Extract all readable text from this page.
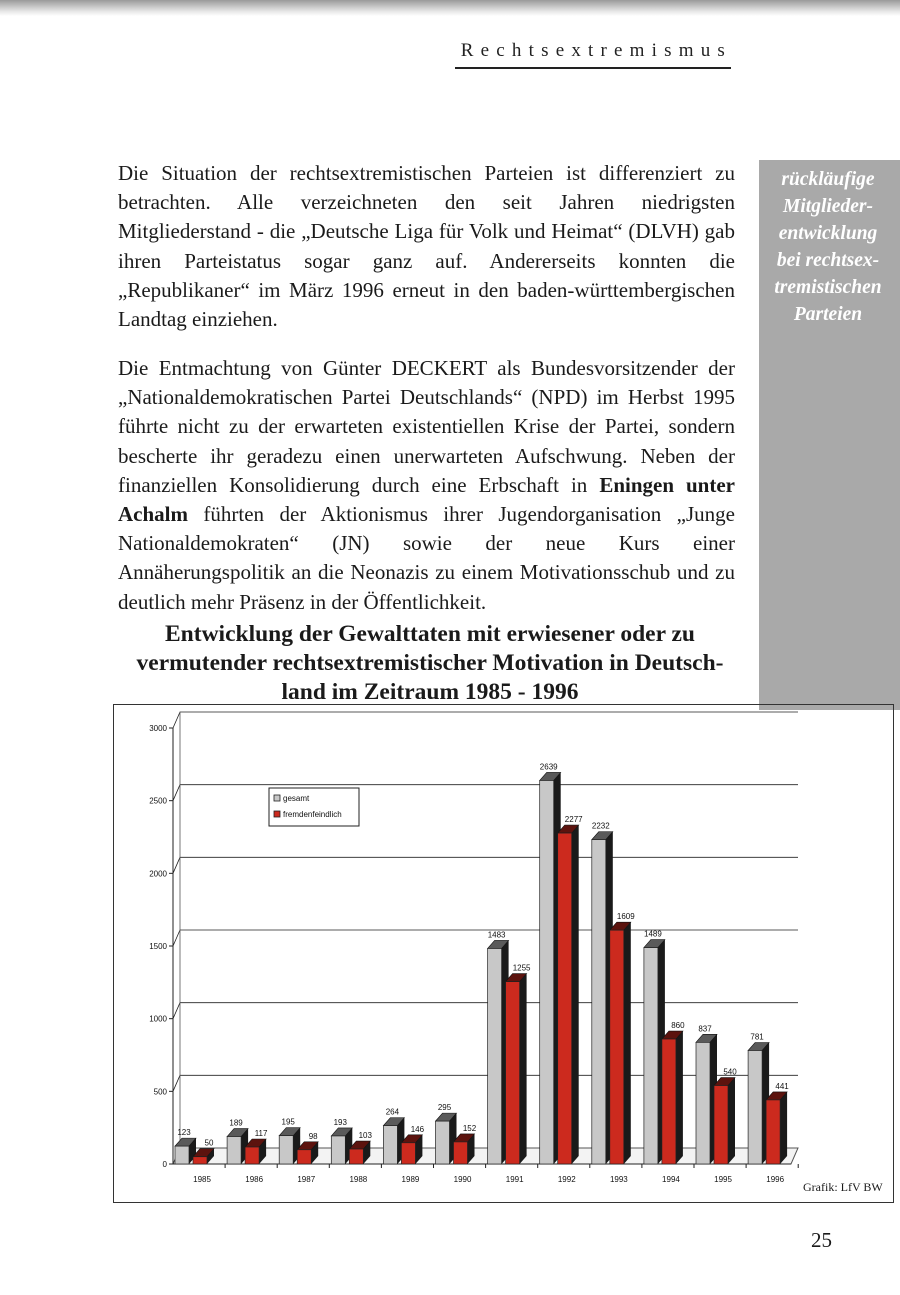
Rechtsextremismus

Die Situation der rechtsextremistischen Parteien ist differenziert zu betrachten. Alle verzeichneten den seit Jahren niedrigsten Mitgliederstand - die „Deutsche Liga für Volk und Heimat“ (DLVH) gab ihren Parteistatus sogar ganz auf. Andererseits konnten die „Republikaner“ im März 1996 erneut in den baden-württembergischen Landtag einziehen.

Die Entmachtung von Günter DECKERT als Bundesvorsitzender der „Nationaldemokratischen Partei Deutschlands“ (NPD) im Herbst 1995 führte nicht zu der erwarteten existentiellen Krise der Partei, sondern bescherte ihr geradezu einen unerwarteten Aufschwung. Neben der finanziellen Konsolidierung durch eine Erbschaft in Eningen unter Achalm führten der Aktionismus ihrer Jugendorganisation „Junge Nationaldemokraten“ (JN) sowie der neue Kurs einer Annäherungspolitik an die Neonazis zu einem Motivationsschub und zu deutlich mehr Präsenz in der Öffentlichkeit.

rückläufige
Mitglieder-
entwicklung
bei rechtsex-
tremistischen
Parteien
Entwicklung der Gewalttaten mit erwiesener oder zu
vermutender rechtsextremistischer Motivation in Deutsch-
land im Zeitraum 1985 - 1996
0
500
1000
1500
2000
2500
3000
123
50
1985
189
117
1986
195
98
1987
193
103
1988
264
146
1989
295
152
1990
1483
1255
1991
2639
2277
1992
2232
1609
1993
1489
860
1994
837
540
1995
781
441
1996
gesamt
fremdenfeindlich
Grafik: LfV BW
25
